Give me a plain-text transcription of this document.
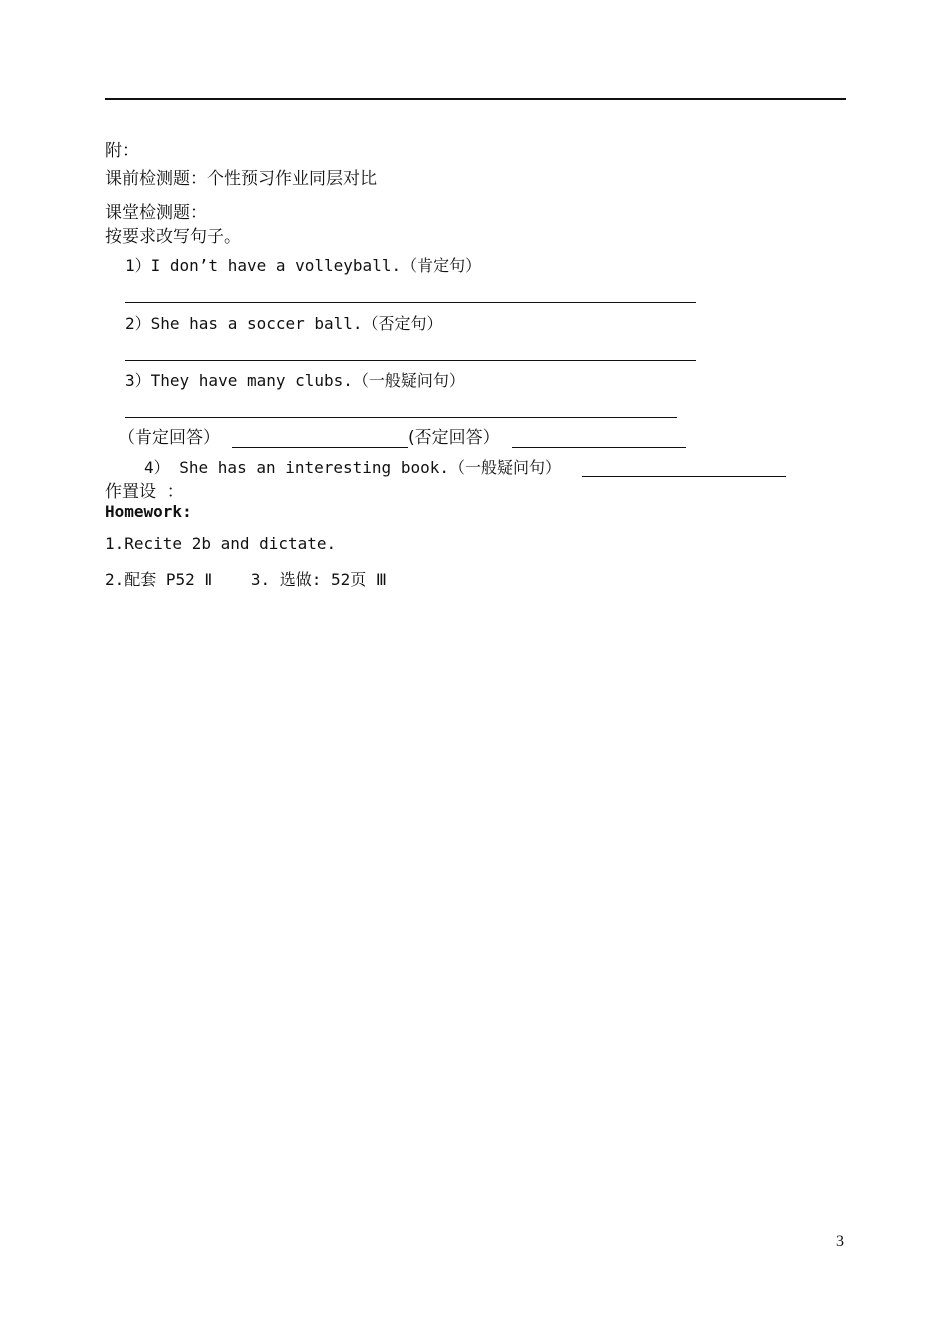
附：
课前检测题：个性预习作业同层对比
课堂检测题：
按要求改写句子。
1）I don’t have a volleyball.（肯定句）
2）She has a soccer ball.（否定句）
3）They have many clubs.（一般疑问句）
（肯定回答）	(否定回答）
4） She has an interesting book.（一般疑问句）
作置设  ：
Homework:
1.Recite 2b and dictate.
2.配套 P52 Ⅱ    3. 选做: 52页 Ⅲ
3
